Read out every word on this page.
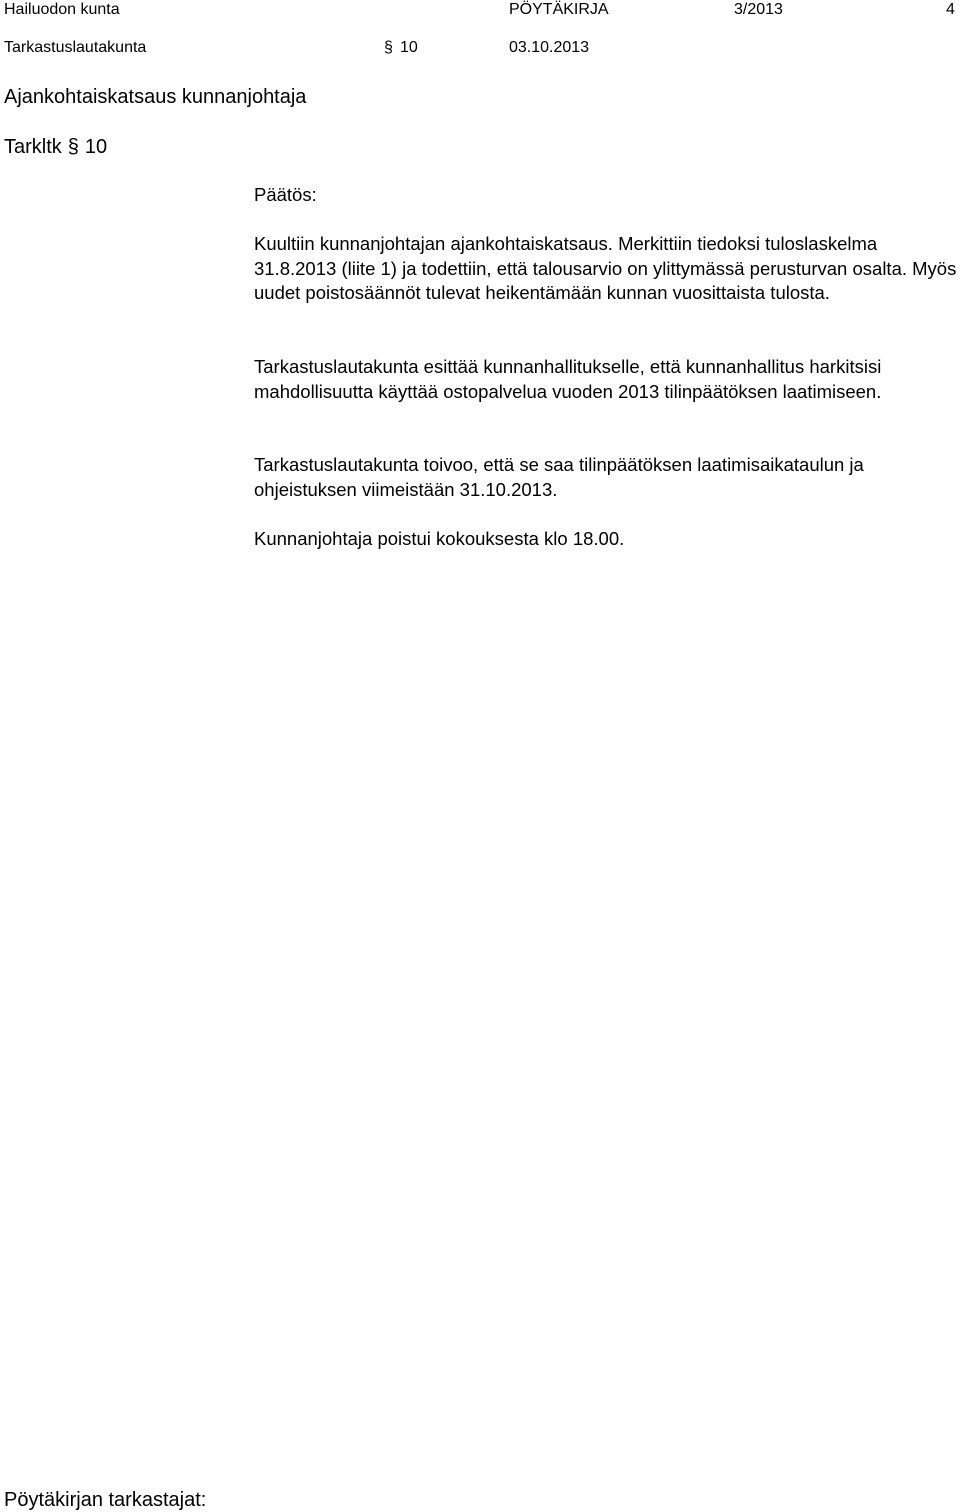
Hailuodon kunta	PÖYTÄKIRJA	3/2013	4
Tarkastuslautakunta	§ 10	03.10.2013
Ajankohtaiskatsaus kunnanjohtaja
Tarkltk § 10
Päätös:

Kuultiin kunnanjohtajan ajankohtaiskatsaus. Merkittiin tiedoksi tuloslaskelma 31.8.2013 (liite 1) ja todettiin, että talousarvio on ylittymässä perusturvan osalta. Myös uudet poistosäännöt tulevat heikentämään kunnan vuosittaista tulosta.

Tarkastuslautakunta esittää kunnanhallitukselle, että kunnanhallitus harkitsisi mahdollisuutta käyttää ostopalvelua vuoden 2013 tilinpäätöksen laatimiseen.

Tarkastuslautakunta toivoo, että se saa tilinpäätöksen laatimisaikataulun ja ohjeistuksen viimeistään 31.10.2013.

Kunnanjohtaja poistui kokouksesta klo 18.00.

Pöytäkirjan tarkastajat:
